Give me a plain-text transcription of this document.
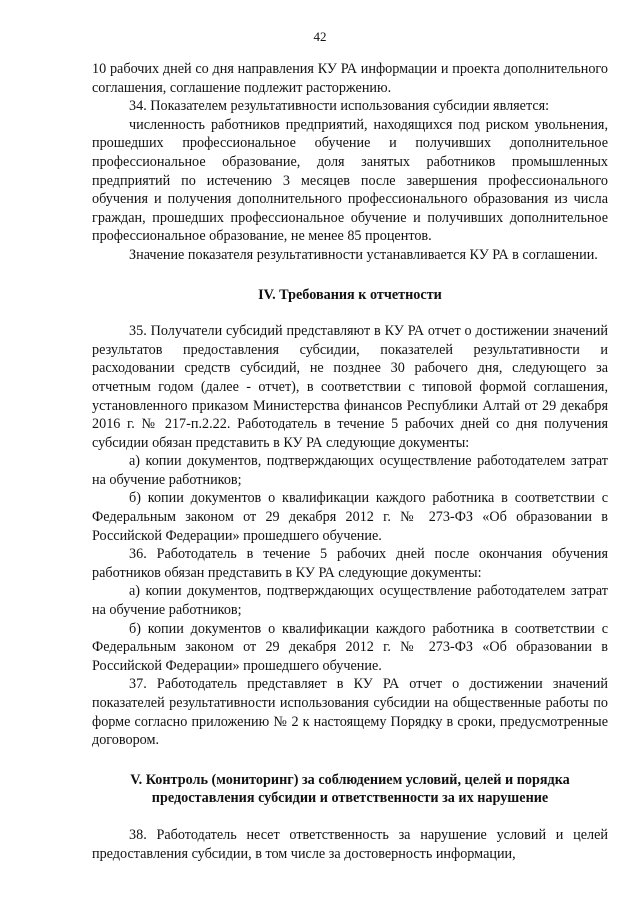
42

10 рабочих дней со дня направления КУ РА информации и проекта дополнительного соглашения, соглашение подлежит расторжению.

34. Показателем результативности использования субсидии является:

численность работников предприятий, находящихся под риском увольнения, прошедших профессиональное обучение и получивших дополнительное профессиональное образование, доля занятых работников промышленных предприятий по истечению 3 месяцев после завершения профессионального обучения и получения дополнительного профессионального образования из числа граждан, прошедших профессиональное обучение и получивших дополнительное профессиональное образование, не менее 85 процентов.

Значение показателя результативности устанавливается КУ РА в соглашении.

IV. Требования к отчетности

35. Получатели субсидий представляют в КУ РА отчет о достижении значений результатов предоставления субсидии, показателей результативности и расходовании средств субсидий, не позднее 30 рабочего дня, следующего за отчетным годом (далее - отчет), в соответствии с типовой формой соглашения, установленного приказом Министерства финансов Республики Алтай от 29 декабря 2016 г. № 217-п.2.22. Работодатель в течение 5 рабочих дней со дня получения субсидии обязан представить в КУ РА следующие документы:

а) копии документов, подтверждающих осуществление работодателем затрат на обучение работников;

б) копии документов о квалификации каждого работника в соответствии с Федеральным законом от 29 декабря 2012 г. № 273-ФЗ «Об образовании в Российской Федерации» прошедшего обучение.

36. Работодатель в течение 5 рабочих дней после окончания обучения работников обязан представить в КУ РА следующие документы:

а) копии документов, подтверждающих осуществление работодателем затрат на обучение работников;

б) копии документов о квалификации каждого работника в соответствии с Федеральным законом от 29 декабря 2012 г. № 273-ФЗ «Об образовании в Российской Федерации» прошедшего обучение.

37. Работодатель представляет в КУ РА отчет о достижении значений показателей результативности использования субсидии на общественные работы по форме согласно приложению № 2 к настоящему Порядку в сроки, предусмотренные договором.

V. Контроль (мониторинг) за соблюдением условий, целей и порядка предоставления субсидии и ответственности за их нарушение

38. Работодатель несет ответственность за нарушение условий и целей предоставления субсидии, в том числе за достоверность информации,
